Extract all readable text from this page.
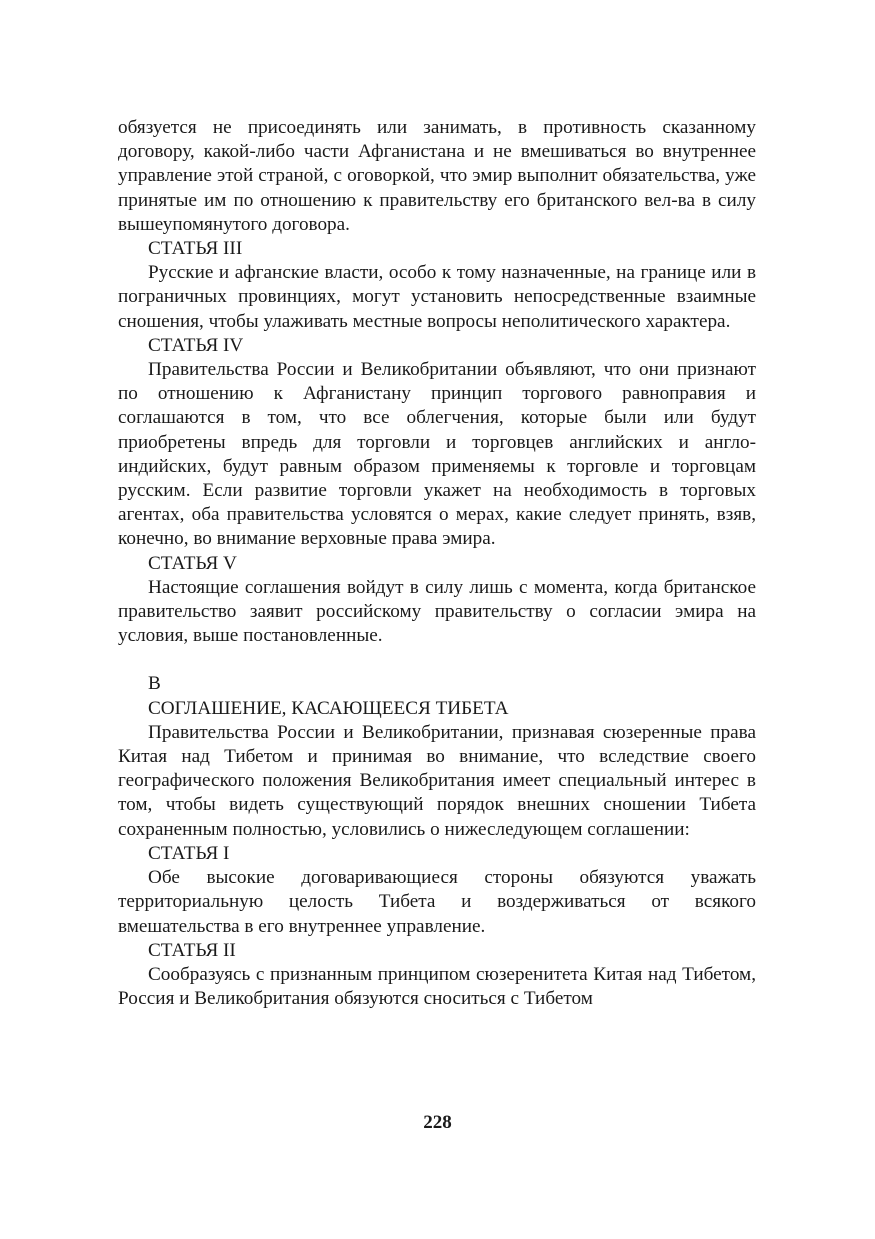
обязуется не присоединять или занимать, в противность сказанному договору, какой-либо части Афганистана и не вмешиваться во внутреннее управление этой страной, с оговоркой, что эмир выполнит обязательства, уже принятые им по отношению к правительству его британского вел-ва в силу вышеупомянутого договора.

СТАТЬЯ III

Русские и афганские власти, особо к тому назначенные, на границе или в пограничных провинциях, могут установить непосредственные взаимные сношения, чтобы улаживать местные вопросы неполитического характера.

СТАТЬЯ IV

Правительства России и Великобритании объявляют, что они признают по отношению к Афганистану принцип торгового равноправия и соглашаются в том, что все облегчения, которые были или будут приобретены впредь для торговли и торговцев английских и англо-индийских, будут равным образом применяемы к торговле и торговцам русским. Если развитие торговли укажет на необходимость в торговых агентах, оба правительства условятся о мерах, какие следует принять, взяв, конечно, во внимание верховные права эмира.

СТАТЬЯ V

Настоящие соглашения войдут в силу лишь с момента, когда британское правительство заявит российскому правительству о согласии эмира на условия, выше постановленные.

В

СОГЛАШЕНИЕ, КАСАЮЩЕЕСЯ ТИБЕТА

Правительства России и Великобритании, признавая сюзеренные права Китая над Тибетом и принимая во внимание, что вследствие своего географического положения Великобритания имеет специальный интерес в том, чтобы видеть существующий порядок внешних сношении Тибета сохраненным полностью, условились о нижеследующем соглашении:

СТАТЬЯ I

Обе высокие договаривающиеся стороны обязуются уважать территориальную целость Тибета и воздерживаться от всякого вмешательства в его внутреннее управление.

СТАТЬЯ II

Сообразуясь с признанным принципом сюзеренитета Китая над Тибетом, Россия и Великобритания обязуются сноситься с Тибетом

228
